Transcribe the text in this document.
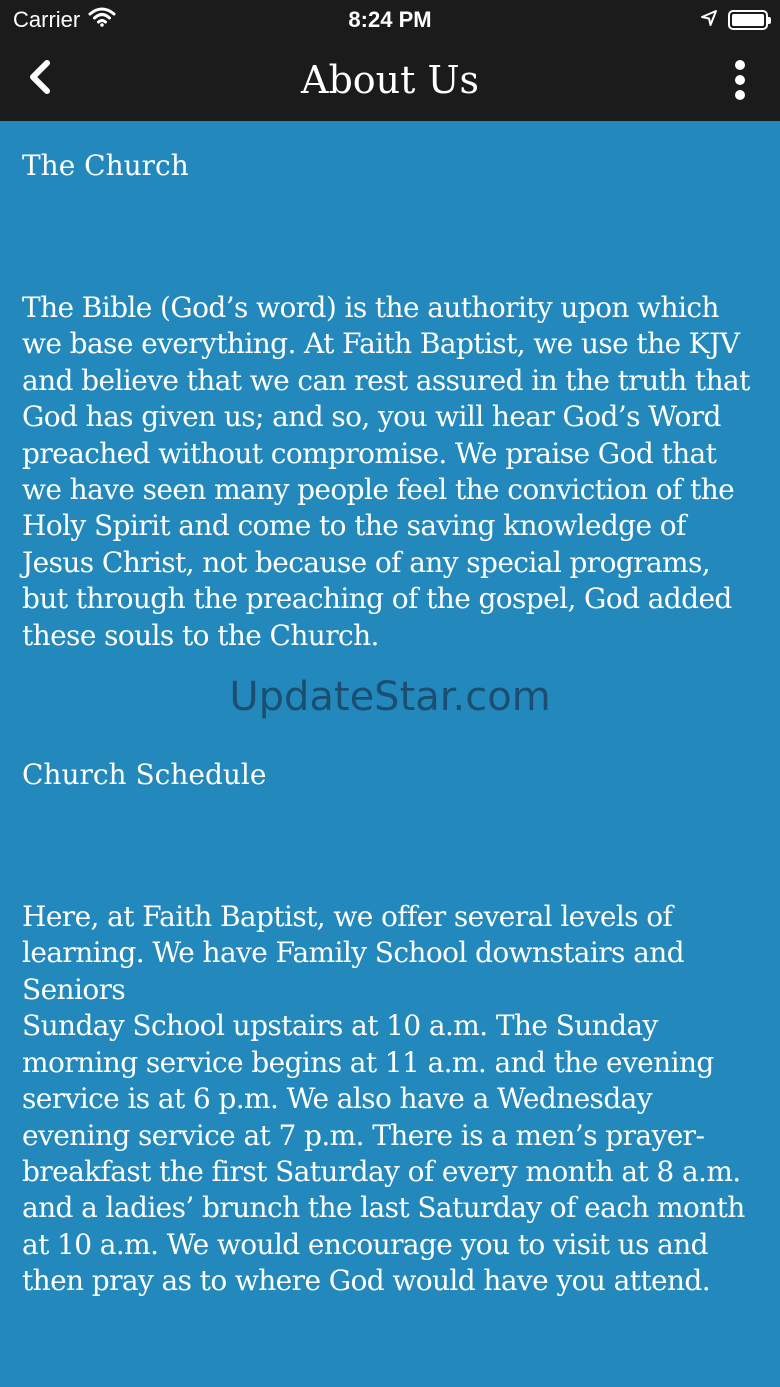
Carrier	8:24 PM
About Us
The Church

The Bible (God’s word) is the authority upon which we base everything. At Faith Baptist, we use the KJV and believe that we can rest assured in the truth that God has given us; and so, you will hear God’s Word preached without compromise. We praise God that we have seen many people feel the conviction of the Holy Spirit and come to the saving knowledge of Jesus Christ, not because of any special programs, but through the preaching of the gospel, God added these souls to the Church.

Church Schedule

Here, at Faith Baptist, we offer several levels of learning. We have Family School downstairs and Seniors

Sunday School upstairs at 10 a.m. The Sunday morning service begins at 11 a.m. and the evening service is at 6 p.m. We also have a Wednesday evening service at 7 p.m. There is a men’s prayer-breakfast the first Saturday of every month at 8 a.m. and a ladies’ brunch the last Saturday of each month at 10 a.m. We would encourage you to visit us and then pray as to where God would have you attend.

UpdateStar.com
